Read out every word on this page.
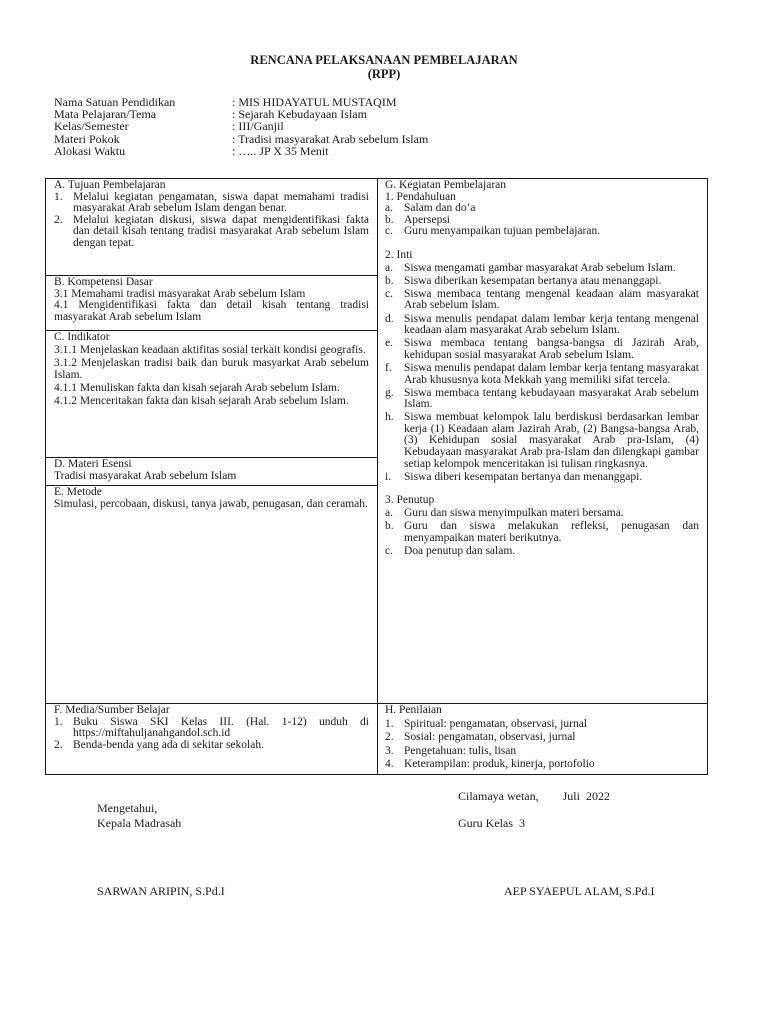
RENCANA PELAKSANAAN PEMBELAJARAN
(RPP)
Nama Satuan Pendidikan	: MIS HIDAYATUL MUSTAQIM
Mata Pelajaran/Tema	: Sejarah Kebudayaan Islam
Kelas/Semester	: III/Ganjil
Materi Pokok	: Tradisi masyarakat Arab sebelum Islam
Alokasi Waktu	: ….. JP X 35 Menit
A. Tujuan Pembelajaran
1. Melalui kegiatan pengamatan, siswa dapat memahami tradisi masyarakat Arab sebelum Islam dengan benar.
2. Melalui kegiatan diskusi, siswa dapat mengidentifikasi fakta dan detail kisah tentang tradisi masyarakat Arab sebelum Islam dengan tepat.
B. Kompetensi Dasar
3.1 Memahami tradisi masyarakat Arab sebelum Islam
4.1 Mengidentifikasi fakta dan detail kisah tentang tradisi masyarakat Arab sebelum Islam
C. Indikator
3.1.1 Menjelaskan keadaan aktifitas sosial terkait kondisi geografis.
3.1.2 Menjelaskan tradisi baik dan buruk masyarkat Arab sebelum Islam.
4.1.1 Menuliskan fakta dan kisah sejarah Arab sebelum Islam.
4.1.2 Menceritakan fakta dan kisah sejarah Arab sebelum Islam.
D. Materi Esensi
Tradisi masyarakat Arab sebelum Islam
E. Metode
Simulasi, percobaan, diskusi, tanya jawab, penugasan, dan ceramah.
F. Media/Sumber Belajar
1. Buku Siswa SKI Kelas III. (Hal. 1-12) unduh di https://miftahuljanahgandol.sch.id
2. Benda-benda yang ada di sekitar sekolah.
G. Kegiatan Pembelajaran
1. Pendahuluan
a. Salam dan do’a
b. Apersepsi
c. Guru menyampaikan tujuan pembelajaran.
2. Inti
a. Siswa mengamati gambar masyarakat Arab sebelum Islam.
b. Siswa diberikan kesempatan bertanya atau menanggapi.
c. Siswa membaca tentang mengenal keadaan alam masyarakat Arab sebelum Islam.
d. Siswa menulis pendapat dalam lembar kerja tentang mengenal keadaan alam masyarakat Arab sebelum Islam.
e. Siswa membaca tentang bangsa-bangsa di Jazirah Arab, kehidupan sosial masyarakat Arab sebelum Islam.
f.	Siswa menulis pendapat dalam lembar kerja tentang masyarakat Arab khususnya kota Mekkah yang memiliki sifat tercela.
g. Siswa membaca tentang kebudayaan masyarakat Arab sebelum Islam.
h. Siswa membuat kelompok lalu berdiskusi berdasarkan lembar kerja (1) Keadaan alam Jazirah Arab, (2) Bangsa-bangsa Arab, (3) Kehidupan sosial masyarakat Arab pra-Islam, (4) Kebudayaan masyarakat Arab pra-Islam dan dilengkapi gambar setiap kelompok menceritakan isi tulisan ringkasnya.
i.	Siswa diberi kesempatan bertanya dan menanggapi.
3. Penutup
a. Guru dan siswa menyimpulkan materi bersama.
b. Guru dan siswa melakukan refleksi, penugasan dan menyampaikan materi berikutnya.
c. Doa penutup dan salam.
H. Penilaian
1. Spiritual: pengamatan, observasi, jurnal
2. Sosial: pengamatan, observasi, jurnal
3. Pengetahuan: tulis, lisan
4. Keterampilan: produk, kinerja, portofolio
Cilamaya wetan,        Juli  2022
Mengetahui,
Kepala Madrasah	Guru Kelas  3
SARWAN ARIPIN, S.Pd.I	AEP SYAEPUL ALAM, S.Pd.I
